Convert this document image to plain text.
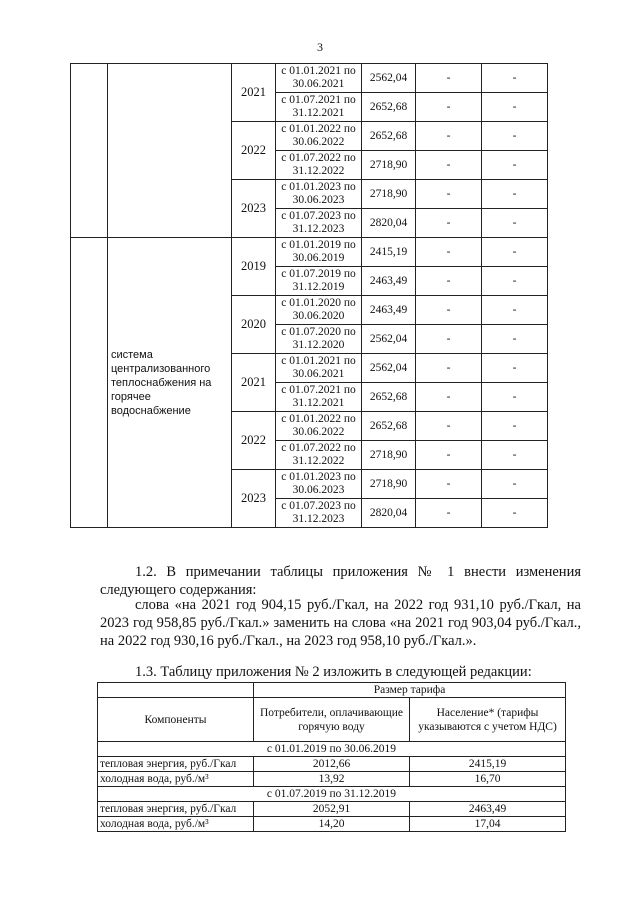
3
		2021	с 01.01.2021 по 30.06.2021	2562,04	-	-
			с 01.07.2021 по 31.12.2021	2652,68	-	-
		2022	с 01.01.2022 по 30.06.2022	2652,68	-	-
			с 01.07.2022 по 31.12.2022	2718,90	-	-
		2023	с 01.01.2023 по 30.06.2023	2718,90	-	-
			с 01.07.2023 по 31.12.2023	2820,04	-	-
	система централизованного теплоснабжения на горячее водоснабжение	2019	с 01.01.2019 по 30.06.2019	2415,19	-	-
			с 01.07.2019 по 31.12.2019	2463,49	-	-
		2020	с 01.01.2020 по 30.06.2020	2463,49	-	-
			с 01.07.2020 по 31.12.2020	2562,04	-	-
		2021	с 01.01.2021 по 30.06.2021	2562,04	-	-
			с 01.07.2021 по 31.12.2021	2652,68	-	-
		2022	с 01.01.2022 по 30.06.2022	2652,68	-	-
			с 01.07.2022 по 31.12.2022	2718,90	-	-
		2023	с 01.01.2023 по 30.06.2023	2718,90	-	-
			с 01.07.2023 по 31.12.2023	2820,04	-	-
1.2. В примечании таблицы приложения № 1 внести изменения следующего содержания:
слова «на 2021 год 904,15 руб./Гкал, на 2022 год 931,10 руб./Гкал, на 2023 год 958,85 руб./Гкал.» заменить на слова «на 2021 год 903,04 руб./Гкал., на 2022 год 930,16 руб./Гкал., на 2023 год 958,10 руб./Гкал.».
1.3. Таблицу приложения № 2 изложить в следующей редакции:
	Размер тарифа	
Компоненты	Потребители, оплачивающие горячую воду	Население* (тарифы указываются с учетом НДС)
с 01.01.2019 по 30.06.2019		
тепловая энергия, руб./Гкал	2012,66	2415,19
холодная вода, руб./м³	13,92	16,70
с 01.07.2019 по 31.12.2019		
тепловая энергия, руб./Гкал	2052,91	2463,49
холодная вода, руб./м³	14,20	17,04
